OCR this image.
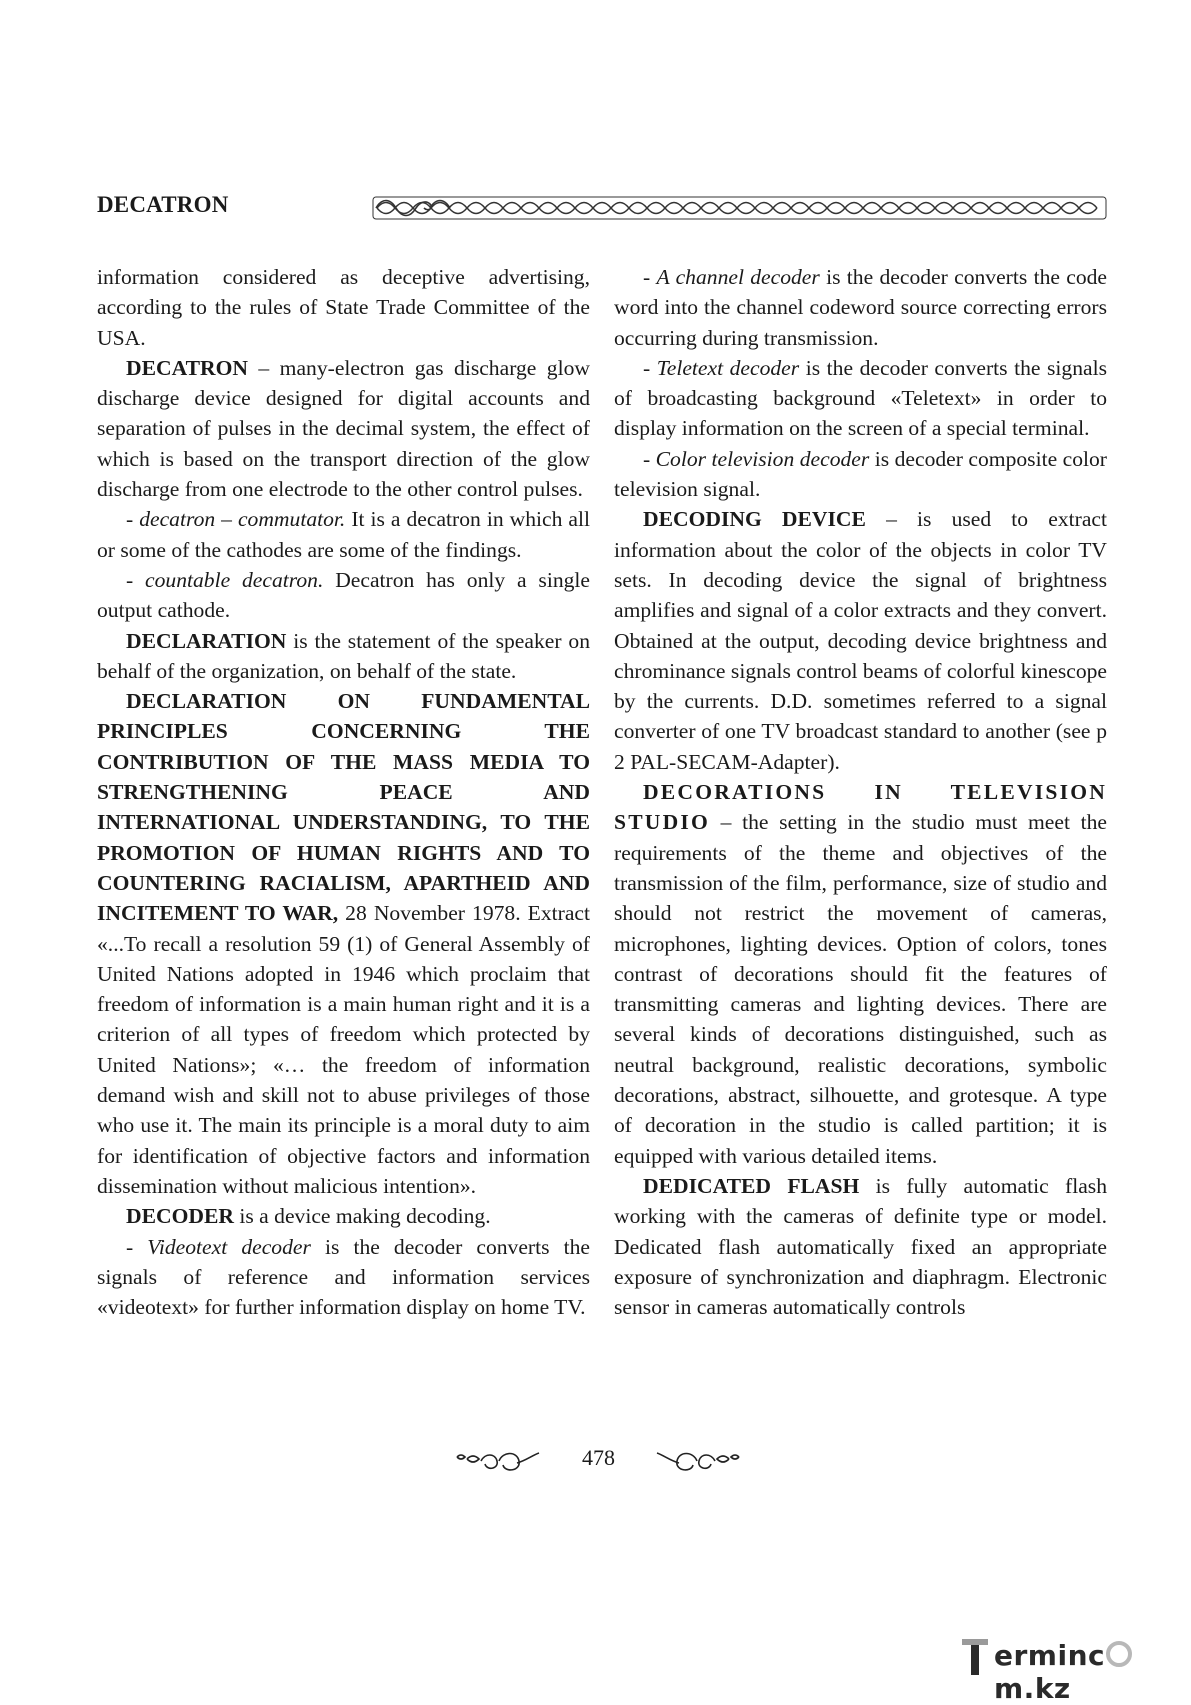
DECATRON

information considered as deceptive advertising, according to the rules of State Trade Committee of the USA.

DECATRON – many-electron gas discharge glow discharge device designed for digital accounts and separation of pulses in the decimal system, the effect of which is based on the transport direction of the glow discharge from one electrode to the other control pulses.

- decatron – commutator. It is a decatron in which all or some of the cathodes are some of the findings.

- countable decatron. Decatron has only a single output cathode.

DECLARATION is the statement of the speaker on behalf of the organization, on behalf of the state.

DECLARATION ON FUNDAMENTAL PRINCIPLES CONCERNING THE CONTRIBUTION OF THE MASS MEDIA TO STRENGTHENING PEACE AND INTERNATIONAL UNDERSTANDING, TO THE PROMOTION OF HUMAN RIGHTS AND TO COUNTERING RACIALISM, APARTHEID AND INCITEMENT TO WAR, 28 November 1978. Extract «...To recall a resolution 59 (1) of General Assembly of United Nations adopted in 1946 which proclaim that freedom of information is a main human right and it is a criterion of all types of freedom which protected by United Nations»; «… the freedom of information demand wish and skill not to abuse privileges of those who use it. The main its principle is a moral duty to aim for identification of objective factors and information dissemination without malicious intention».

DECODER is a device making decoding.

- Videotext decoder is the decoder converts the signals of reference and information services «videotext» for further information display on home TV.

- A channel decoder is the decoder converts the code word into the channel codeword source correcting errors occurring during transmission.

- Teletext decoder is the decoder converts the signals of broadcasting background «Teletext» in order to display information on the screen of a special terminal.

- Color television decoder is decoder composite color television signal.

DECODING DEVICE – is used to extract information about the color of the objects in color TV sets. In decoding device the signal of brightness amplifies and signal of a color extracts and they convert. Obtained at the output, decoding device brightness and chrominance signals control beams of colorful kinescope by the currents. D.D. sometimes referred to a signal converter of one TV broadcast standard to another (see p 2 PAL-SECAM-Adapter).

DECORATIONS IN TELEVISION STUDIO – the setting in the studio must meet the requirements of the theme and objectives of the transmission of the film, performance, size of studio and should not restrict the movement of cameras, microphones, lighting devices. Option of colors, tones contrast of decorations should fit the features of transmitting cameras and lighting devices. There are several kinds of decorations distinguished, such as neutral background, realistic decorations, symbolic decorations, abstract, silhouette, and grotesque. A type of decoration in the studio is called partition; it is equipped with various detailed items.

DEDICATED FLASH is fully automatic flash working with the cameras of definite type or model. Dedicated flash automatically fixed an appropriate exposure of synchronization and diaphragm. Electronic sensor in cameras automatically controls

478
ermincm.kz
